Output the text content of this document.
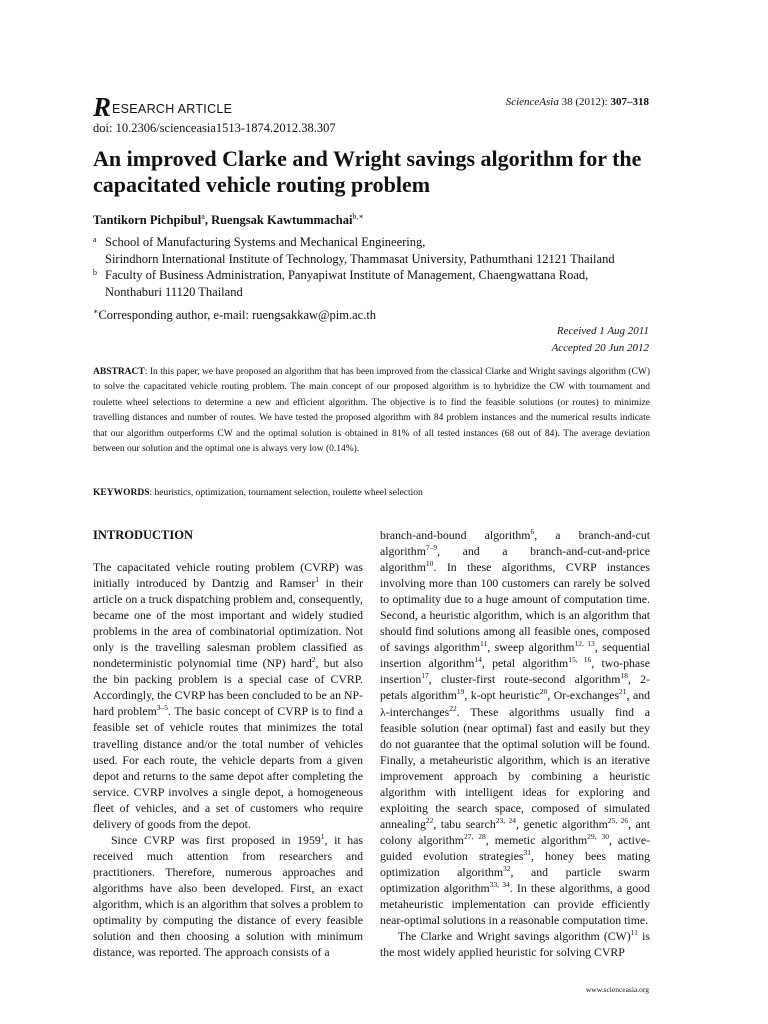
R ESEARCH ARTICLE	ScienceAsia 38 (2012): 307–318
doi: 10.2306/scienceasia1513-1874.2012.38.307
An improved Clarke and Wright savings algorithm for the capacitated vehicle routing problem
Tantikorn Pichpibul$^a$, Ruengsak Kawtummachai$^{b,∗}$
a School of Manufacturing Systems and Mechanical Engineering,
Sirindhorn International Institute of Technology, Thammasat University, Pathumthani 12121 Thailand
b Faculty of Business Administration, Panyapiwat Institute of Management, Chaengwattana Road,
Nonthaburi 11120 Thailand
∗Corresponding author, e-mail: ruengsakkaw@pim.ac.th
Received 1 Aug 2011
Accepted 20 Jun 2012
ABSTRACT: In this paper, we have proposed an algorithm that has been improved from the classical Clarke and Wright savings algorithm (CW) to solve the capacitated vehicle routing problem. The main concept of our proposed algorithm is to hybridize the CW with tournament and roulette wheel selections to determine a new and efficient algorithm. The objective is to find the feasible solutions (or routes) to minimize travelling distances and number of routes. We have tested the proposed algorithm with 84 problem instances and the numerical results indicate that our algorithm outperforms CW and the optimal solution is obtained in 81% of all tested instances (68 out of 84). The average deviation between our solution and the optimal one is always very low (0.14%).
KEYWORDS: heuristics, optimization, tournament selection, roulette wheel selection
INTRODUCTION

The capacitated vehicle routing problem (CVRP) was initially introduced by Dantzig and Ramser$^1$ in their article on a truck dispatching problem and, consequently, became one of the most important and widely studied problems in the area of combinatorial optimization. Not only is the travelling salesman problem classified as nondeterministic polynomial time (NP) hard$^2$, but also the bin packing problem is a special case of CVRP. Accordingly, the CVRP has been concluded to be an NP-hard problem$^{3-5}$. The basic concept of CVRP is to find a feasible set of vehicle routes that minimizes the total travelling distance and/or the total number of vehicles used. For each route, the vehicle departs from a given depot and returns to the same depot after completing the service. CVRP involves a single depot, a homogeneous fleet of vehicles, and a set of customers who require delivery of goods from the depot.

Since CVRP was first proposed in 1959$^1$, it has received much attention from researchers and practitioners. Therefore, numerous approaches and algorithms have also been developed. First, an exact algorithm, which is an algorithm that solves a problem to optimality by computing the distance of every feasible solution and then choosing a solution with minimum distance, was reported. The approach consists of a

branch-and-bound algorithm$^6$, a branch-and-cut algorithm$^{7-9}$, and a branch-and-cut-and-price algorithm$^{10}$. In these algorithms, CVRP instances involving more than 100 customers can rarely be solved to optimality due to a huge amount of computation time. Second, a heuristic algorithm, which is an algorithm that should find solutions among all feasible ones, composed of savings algorithm$^{11}$, sweep algorithm$^{12, 13}$, sequential insertion algorithm$^{14}$, petal algorithm$^{15, 16}$, two-phase insertion$^{17}$, cluster-first route-second algorithm$^{18}$, 2-petals algorithm$^{19}$, k-opt heuristic$^{20}$, Or-exchanges$^{21}$, and λ-interchanges$^{22}$. These algorithms usually find a feasible solution (near optimal) fast and easily but they do not guarantee that the optimal solution will be found. Finally, a metaheuristic algorithm, which is an iterative improvement approach by combining a heuristic algorithm with intelligent ideas for exploring and exploiting the search space, composed of simulated annealing$^{22}$, tabu search$^{23, 24}$, genetic algorithm$^{25, 26}$, ant colony algorithm$^{27, 28}$, memetic algorithm$^{29, 30}$, active-guided evolution strategies$^{31}$, honey bees mating optimization algorithm$^{32}$, and particle swarm optimization algorithm$^{33, 34}$. In these algorithms, a good metaheuristic implementation can provide efficiently near-optimal solutions in a reasonable computation time.

The Clarke and Wright savings algorithm (CW)$^{11}$ is the most widely applied heuristic for solving CVRP

www.scienceasia.org
